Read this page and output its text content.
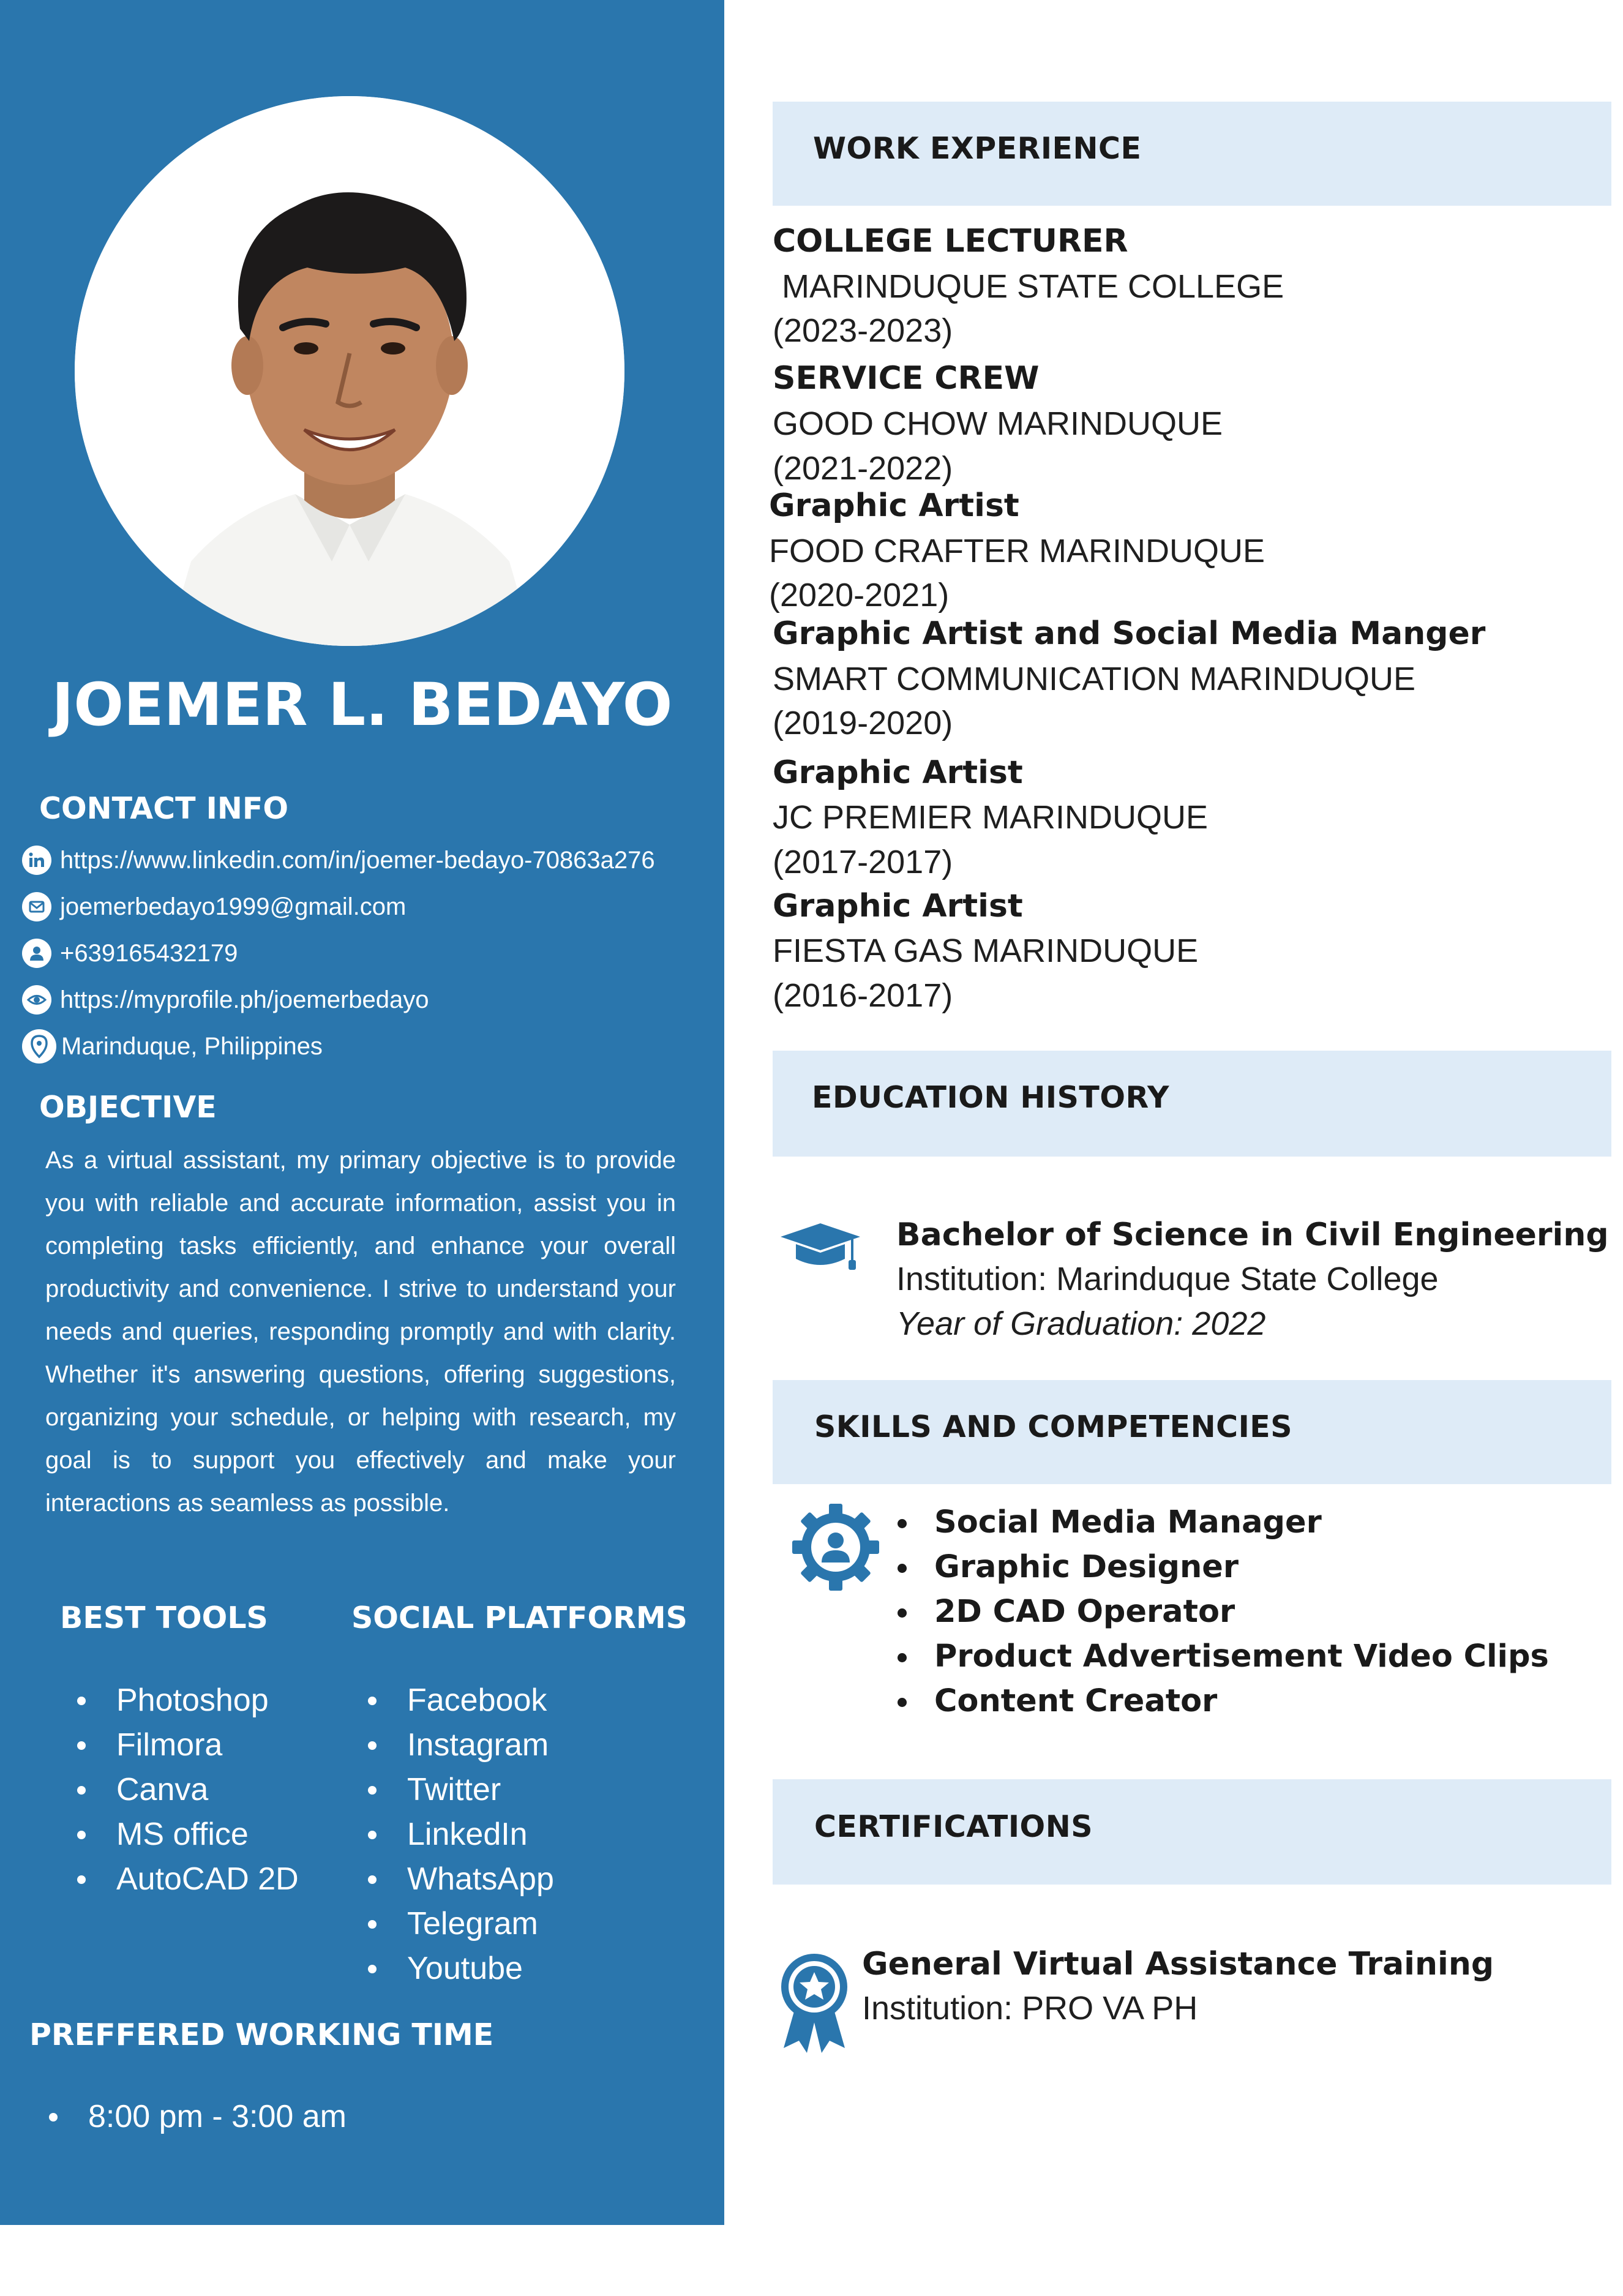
JOEMER L. BEDAYO
CONTACT INFO
https://www.linkedin.com/in/joemer-bedayo-70863a276
joemerbedayo1999@gmail.com
+639165432179
https://myprofile.ph/joemerbedayo
Marinduque, Philippines
OBJECTIVE
As a virtual assistant, my primary objective is to provide you with reliable and accurate information, assist you in completing tasks efficiently, and enhance your overall productivity and convenience. I strive to understand your needs and queries, responding promptly and with clarity. Whether it's answering questions, offering suggestions, organizing your schedule, or helping with research, my goal is to support you effectively and make your interactions as seamless as possible.
BEST TOOLS
Photoshop
Filmora
Canva
MS office
AutoCAD 2D
SOCIAL PLATFORMS
Facebook
Instagram
Twitter
LinkedIn
WhatsApp
Telegram
Youtube
PREFFERED WORKING TIME
8:00 pm - 3:00 am
WORK EXPERIENCE
COLLEGE LECTURER
MARINDUQUE STATE COLLEGE
(2023-2023)
SERVICE CREW
GOOD CHOW MARINDUQUE
(2021-2022)
Graphic Artist
FOOD CRAFTER MARINDUQUE
(2020-2021)
Graphic Artist and Social Media Manger
SMART COMMUNICATION MARINDUQUE
(2019-2020)
Graphic Artist
JC PREMIER MARINDUQUE
(2017-2017)
Graphic Artist
FIESTA GAS MARINDUQUE
(2016-2017)
EDUCATION HISTORY
Bachelor of Science in Civil Engineering
Institution: Marinduque State College
Year of Graduation: 2022
SKILLS AND COMPETENCIES
Social Media Manager
Graphic Designer
2D CAD Operator
Product Advertisement Video Clips
Content Creator
CERTIFICATIONS
General Virtual Assistance Training
Institution: PRO VA PH
